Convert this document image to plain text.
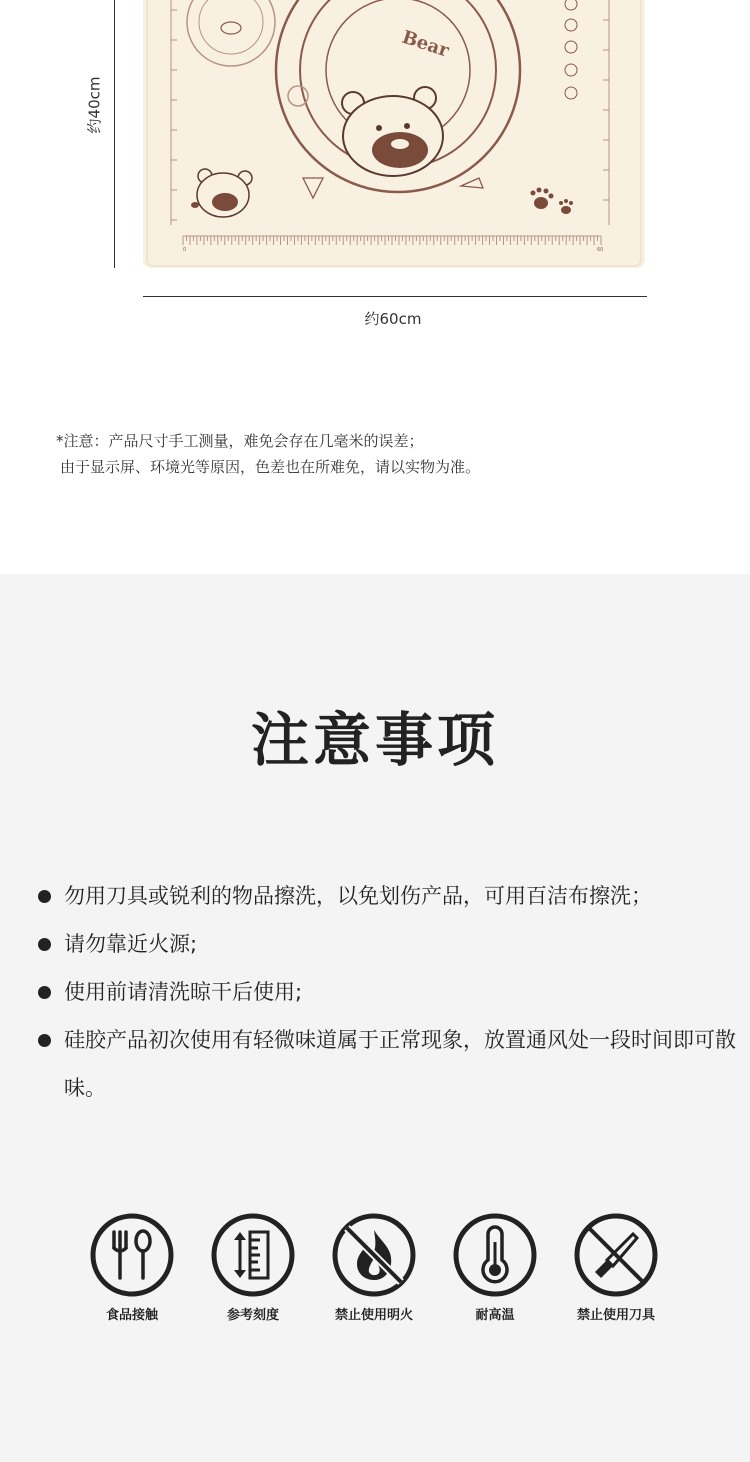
约40cm
Bear
0	60
约60cm
*注意：产品尺寸手工测量，难免会存在几毫米的误差；
由于显示屏、环境光等原因，色差也在所难免，请以实物为准。
注意事项
勿用刀具或锐利的物品擦洗，以免划伤产品，可用百洁布擦洗；
请勿靠近火源;
使用前请清洗晾干后使用;
硅胶产品初次使用有轻微味道属于正常现象，放置通风处一段时间即可散味。
食品接触	参考刻度	禁止使用明火	耐高温	禁止使用刀具
